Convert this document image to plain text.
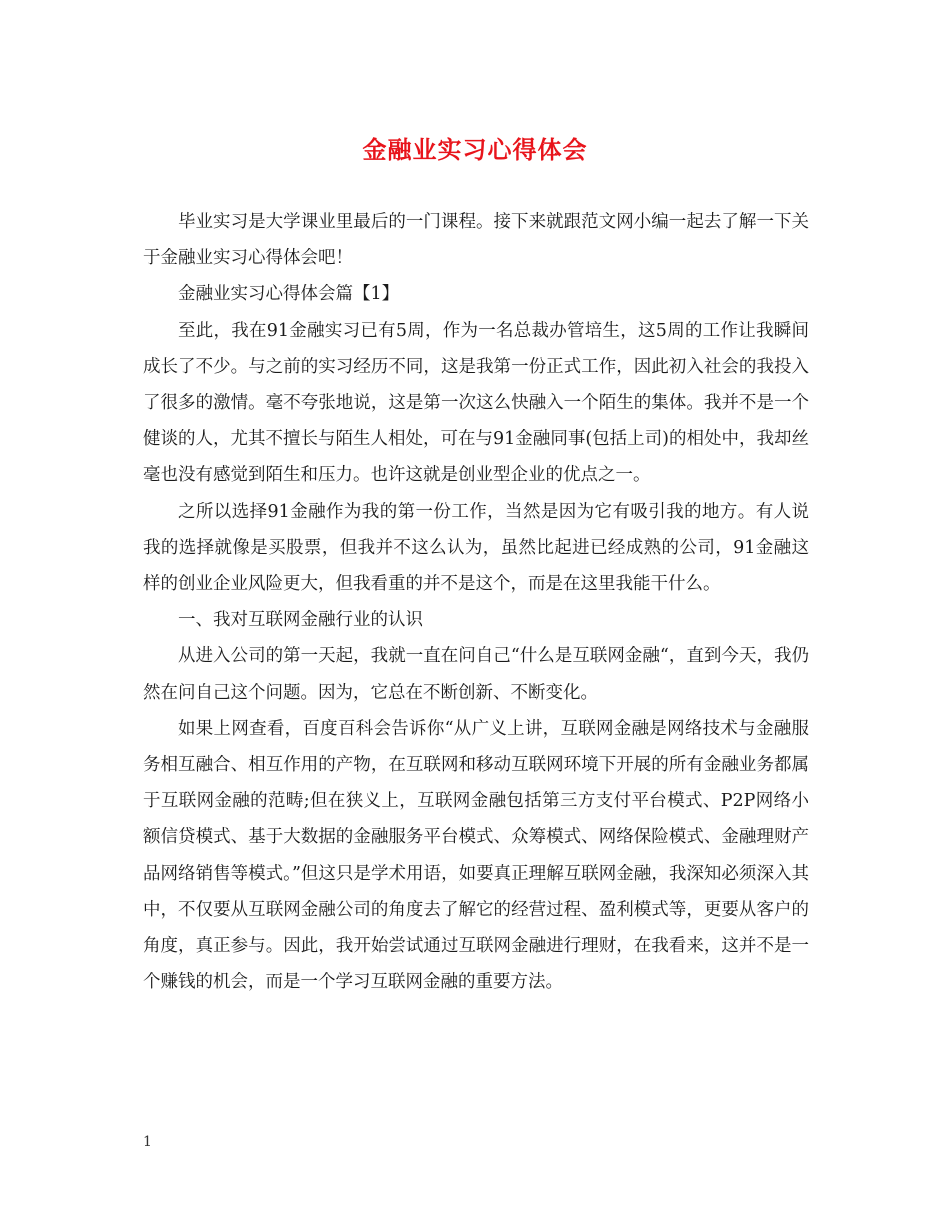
金融业实习心得体会

毕业实习是大学课业里最后的一门课程。接下来就跟范文网小编一起去了解一下关于金融业实习心得体会吧！

金融业实习心得体会篇【1】

至此，我在91金融实习已有5周，作为一名总裁办管培生，这5周的工作让我瞬间成长了不少。与之前的实习经历不同，这是我第一份正式工作，因此初入社会的我投入了很多的激情。毫不夸张地说，这是第一次这么快融入一个陌生的集体。我并不是一个健谈的人，尤其不擅长与陌生人相处，可在与91金融同事(包括上司)的相处中，我却丝毫也没有感觉到陌生和压力。也许这就是创业型企业的优点之一。

之所以选择91金融作为我的第一份工作，当然是因为它有吸引我的地方。有人说我的选择就像是买股票，但我并不这么认为，虽然比起进已经成熟的公司，91金融这样的创业企业风险更大，但我看重的并不是这个，而是在这里我能干什么。

一、我对互联网金融行业的认识

从进入公司的第一天起，我就一直在问自己“什么是互联网金融“，直到今天，我仍然在问自己这个问题。因为，它总在不断创新、不断变化。

如果上网查看，百度百科会告诉你“从广义上讲，互联网金融是网络技术与金融服务相互融合、相互作用的产物，在互联网和移动互联网环境下开展的所有金融业务都属于互联网金融的范畴;但在狭义上，互联网金融包括第三方支付平台模式、P2P网络小额信贷模式、基于大数据的金融服务平台模式、众筹模式、网络保险模式、金融理财产品网络销售等模式。”但这只是学术用语，如要真正理解互联网金融，我深知必须深入其中，不仅要从互联网金融公司的角度去了解它的经营过程、盈利模式等，更要从客户的角度，真正参与。因此，我开始尝试通过互联网金融进行理财，在我看来，这并不是一个赚钱的机会，而是一个学习互联网金融的重要方法。

1
